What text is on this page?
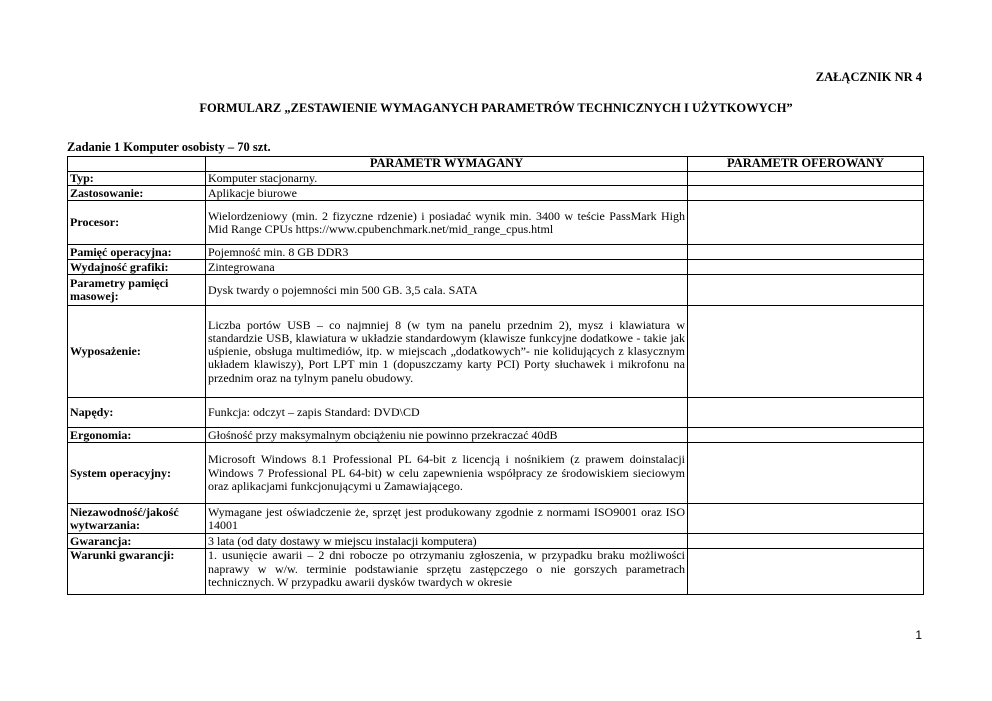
ZAŁĄCZNIK NR 4
FORMULARZ „ZESTAWIENIE WYMAGANYCH PARAMETRÓW TECHNICZNYCH I UŻYTKOWYCH”
Zadanie 1 Komputer osobisty – 70 szt.
	PARAMETR WYMAGANY	PARAMETR OFEROWANY
Typ:	Komputer stacjonarny.	
Zastosowanie:	Aplikacje biurowe	
Procesor:	Wielordzeniowy (min. 2 fizyczne rdzenie) i posiadać wynik min. 3400 w teście PassMark High Mid Range CPUs https://www.cpubenchmark.net/mid_range_cpus.html	
Pamięć operacyjna:	Pojemność min. 8 GB DDR3	
Wydajność grafiki:	Zintegrowana	
Parametry pamięci masowej:	Dysk twardy o pojemności min 500 GB. 3,5 cala. SATA	
Wyposażenie:	Liczba portów USB – co najmniej 8 (w tym na panelu przednim 2), mysz i klawiatura w standardzie USB, klawiatura w układzie standardowym (klawisze funkcyjne dodatkowe - takie jak uśpienie, obsługa multimediów, itp. w miejscach „dodatkowych”- nie kolidujących z klasycznym układem klawiszy), Port LPT min 1 (dopuszczamy karty PCI) Porty słuchawek i mikrofonu na przednim oraz na tylnym panelu obudowy.	
Napędy:	Funkcja: odczyt – zapis Standard: DVD\CD	
Ergonomia:	Głośność przy maksymalnym obciążeniu nie powinno przekraczać 40dB	
System operacyjny:	Microsoft Windows 8.1 Professional PL 64-bit z licencją i nośnikiem (z prawem doinstalacji Windows 7 Professional PL 64-bit) w celu zapewnienia współpracy ze środowiskiem sieciowym oraz aplikacjami funkcjonującymi u Zamawiającego.	
Niezawodność/jakość wytwarzania:	Wymagane jest oświadczenie że, sprzęt jest produkowany zgodnie z normami ISO9001 oraz ISO 14001	
Gwarancja:	3 lata (od daty dostawy w miejscu instalacji komputera)	
Warunki gwarancji:	1. usunięcie awarii – 2 dni robocze po otrzymaniu zgłoszenia, w przypadku braku możliwości naprawy w w/w. terminie podstawianie sprzętu zastępczego o nie gorszych parametrach technicznych. W przypadku awarii dysków twardych w okresie	
1
